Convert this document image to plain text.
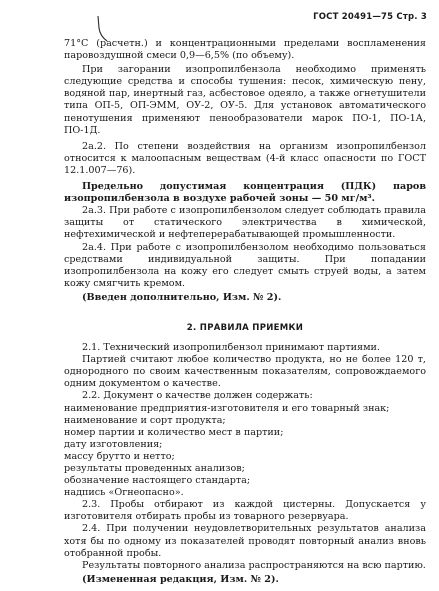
ГОСТ 20491—75 Стр. 3

71°С (расчетн.) и концентрационными пределами воспламенения паровоздушной смеси 0,9—6,5% (по объему).

При загорании изопропилбензола необходимо применять следующие средства и способы тушения: песок, химическую пену, водяной пар, инертный газ, асбестовое одеяло, а также огнетушители типа ОП-5, ОП-ЭММ, ОУ-2, ОУ-5. Для установок автоматического пенотушения применяют пенообразователи марок ПО-1, ПО-1А, ПО-1Д.

2а.2. По степени воздействия на организм изопропилбензол относится к малоопасным веществам (4-й класс опасности по ГОСТ 12.1.007—76).

Предельно допустимая концентрация (ПДК) паров изопропилбензола в воздухе рабочей зоны — 50 мг/м³.

2а.3. При работе с изопропилбензолом следует соблюдать правила защиты от статического электричества в химической, нефтехимической и нефтеперерабатывающей промышленности.

2а.4. При работе с изопропилбензолом необходимо пользоваться средствами индивидуальной защиты. При попадании изопропилбензола на кожу его следует смыть струей воды, а затем кожу смягчить кремом.

(Введен дополнительно, Изм. № 2).

2. ПРАВИЛА ПРИЕМКИ

2.1. Технический изопропилбензол принимают партиями.

Партией считают любое количество продукта, но не более 120 т, однородного по своим качественным показателям, сопровождаемого одним документом о качестве.

2.2. Документ о качестве должен содержать:

наименование предприятия-изготовителя и его товарный знак;

наименование и сорт продукта;

номер партии и количество мест в партии;

дату изготовления;

массу брутто и нетто;

результаты проведенных анализов;

обозначение настоящего стандарта;

надпись «Огнеопасно».

2.3. Пробы отбирают из каждой цистерны. Допускается у изготовителя отбирать пробы из товарного резервуара.

2.4. При получении неудовлетворительных результатов анализа хотя бы по одному из показателей проводят повторный анализ вновь отобранной пробы.

Результаты повторного анализа распространяются на всю партию.

(Измененная редакция, Изм. № 2).
